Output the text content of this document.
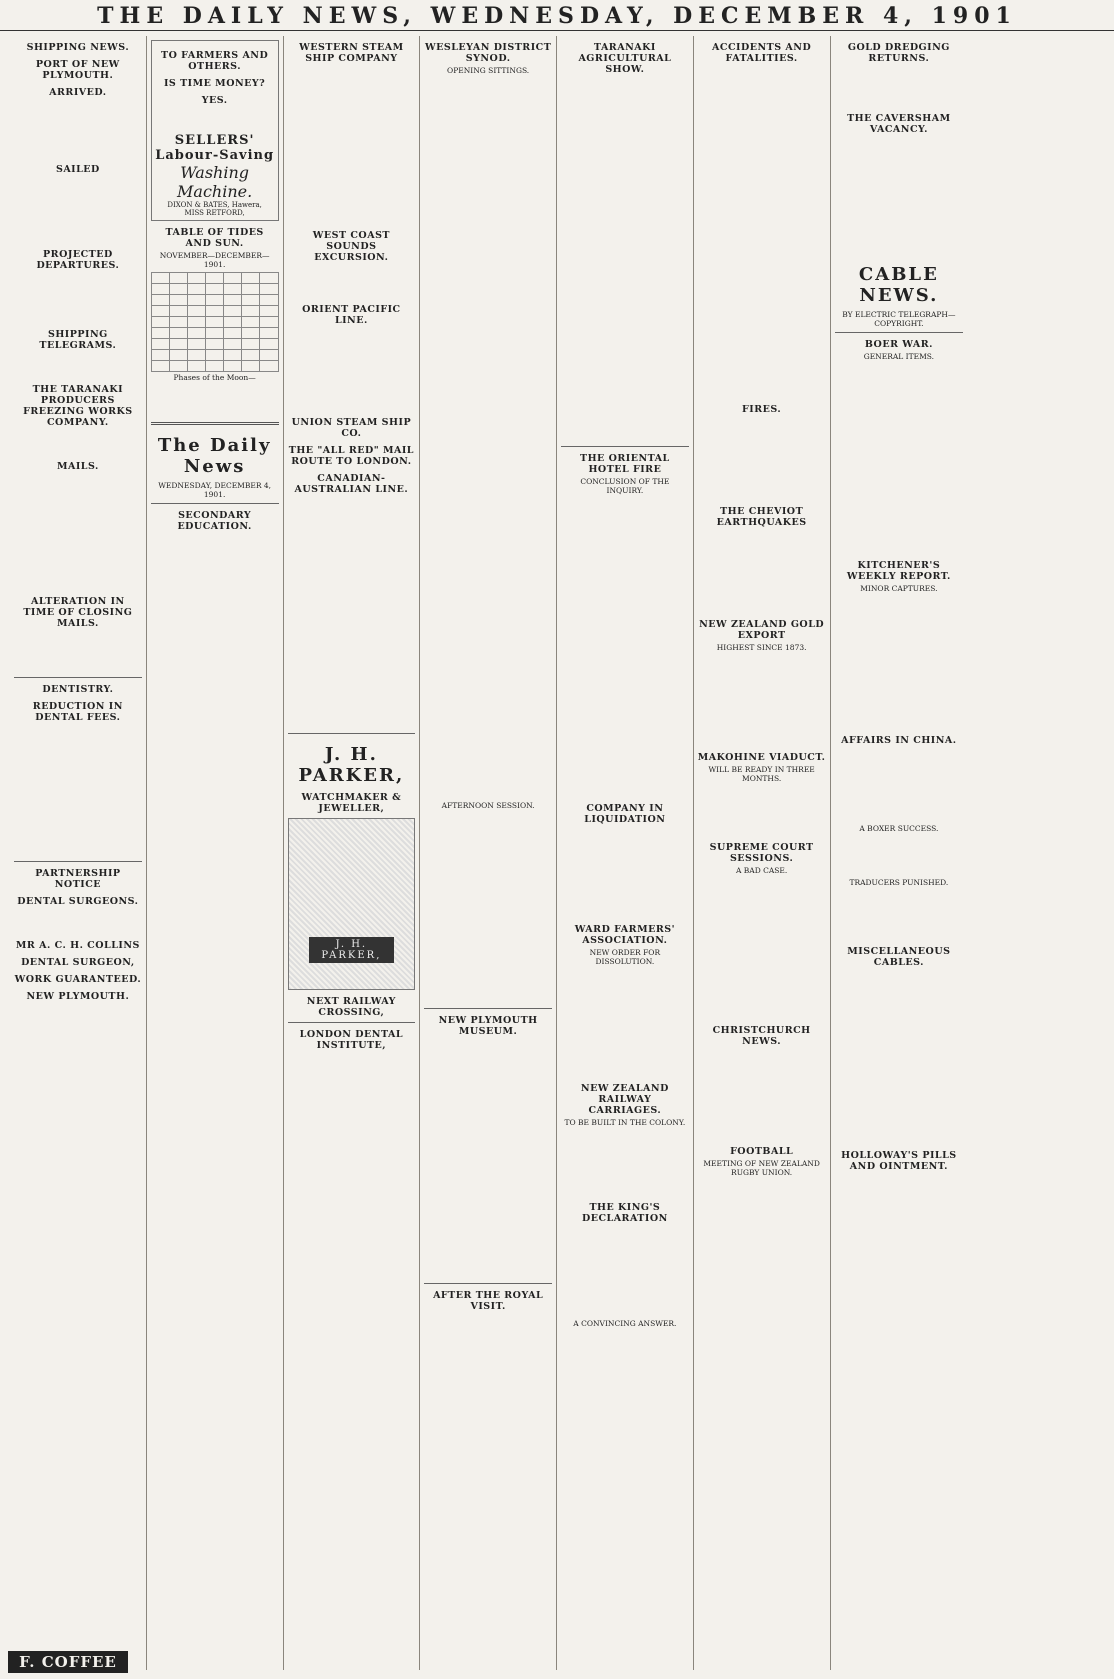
THE DAILY NEWS, WEDNESDAY, DECEMBER 4, 1901
SHIPPING NEWS.
PORT OF NEW PLYMOUTH.
ARRIVED.

SAILED

PROJECTED DEPARTURES.

SHIPPING TELEGRAMS.

THE TARANAKI PRODUCERS FREEZING WORKS COMPANY.

MAILS.

ALTERATION IN TIME OF CLOSING MAILS.

DENTISTRY.
REDUCTION IN DENTAL FEES.

PARTNERSHIP NOTICE
DENTAL SURGEONS.

MR A. C. H. COLLINS
DENTAL SURGEON,
WORK GUARANTEED.
NEW PLYMOUTH.
TO FARMERS AND OTHERS.
IS TIME MONEY?
YES.

SELLERS' Labour-Saving
Washing Machine.
DIXON & BATES, Hawera,
MISS RETFORD,
TABLE OF TIDES AND SUN.
NOVEMBER—DECEMBER—1901.

Phases of the Moon—

The Daily News
WEDNESDAY, DECEMBER 4, 1901.
SECONDARY EDUCATION.

WESTERN STEAM SHIP COMPANY

WEST COAST SOUNDS EXCURSION.

ORIENT PACIFIC LINE.

UNION STEAM SHIP CO.
THE "ALL RED" MAIL ROUTE TO LONDON.
CANADIAN-AUSTRALIAN LINE.

J. H. PARKER,
WATCHMAKER & JEWELLER,
J. H. PARKER,
NEXT RAILWAY CROSSING,
LONDON DENTAL INSTITUTE,

WESLEYAN DISTRICT SYNOD.
OPENING SITTINGS.

AFTERNOON SESSION.

NEW PLYMOUTH MUSEUM.

AFTER THE ROYAL VISIT.

TARANAKI AGRICULTURAL SHOW.

THE ORIENTAL HOTEL FIRE
CONCLUSION OF THE INQUIRY.

COMPANY IN LIQUIDATION

WARD FARMERS' ASSOCIATION.
NEW ORDER FOR DISSOLUTION.

NEW ZEALAND RAILWAY CARRIAGES.
TO BE BUILT IN THE COLONY.

THE KING'S DECLARATION

A CONVINCING ANSWER.

ACCIDENTS AND FATALITIES.

FIRES.

THE CHEVIOT EARTHQUAKES

NEW ZEALAND GOLD EXPORT
HIGHEST SINCE 1873.

MAKOHINE VIADUCT.
WILL BE READY IN THREE MONTHS.

SUPREME COURT SESSIONS.
A BAD CASE.

CHRISTCHURCH NEWS.

FOOTBALL
MEETING OF NEW ZEALAND RUGBY UNION.

GOLD DREDGING RETURNS.

THE CAVERSHAM VACANCY.

CABLE NEWS.
BY ELECTRIC TELEGRAPH—COPYRIGHT.
BOER WAR.
GENERAL ITEMS.

KITCHENER'S WEEKLY REPORT.
MINOR CAPTURES.

AFFAIRS IN CHINA.

A BOXER SUCCESS.

TRADUCERS PUNISHED.

MISCELLANEOUS CABLES.

HOLLOWAY'S PILLS AND OINTMENT.

F. COFFEE
